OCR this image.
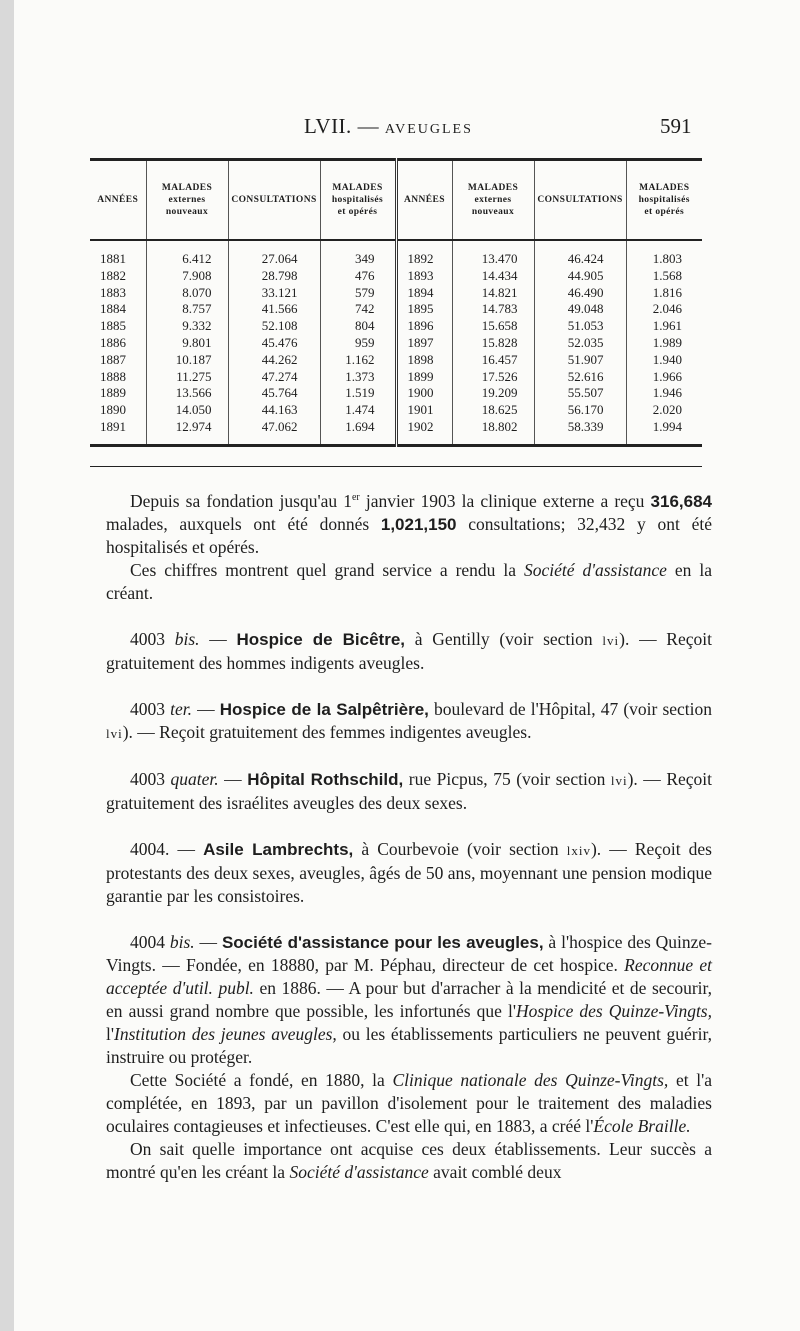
LVII. — AVEUGLES	591
ANNÉES	MALADES
externes
nouveaux	CONSULTATIONS	MALADES
hospitalisés
et opérés	ANNÉES	MALADES
externes
nouveaux	CONSULTATIONS	MALADES
hospitalisés
et opérés
1881	6.412	27.064	349	1892	13.470	46.424	1.803
1882	7.908	28.798	476	1893	14.434	44.905	1.568
1883	8.070	33.121	579	1894	14.821	46.490	1.816
1884	8.757	41.566	742	1895	14.783	49.048	2.046
1885	9.332	52.108	804	1896	15.658	51.053	1.961
1886	9.801	45.476	959	1897	15.828	52.035	1.989
1887	10.187	44.262	1.162	1898	16.457	51.907	1.940
1888	11.275	47.274	1.373	1899	17.526	52.616	1.966
1889	13.566	45.764	1.519	1900	19.209	55.507	1.946
1890	14.050	44.163	1.474	1901	18.625	56.170	2.020
1891	12.974	47.062	1.694	1902	18.802	58.339	1.994

Depuis sa fondation jusqu'au 1er janvier 1903 la clinique externe a reçu 316,684 malades, auxquels ont été donnés 1,021,150 consultations; 32,432 y ont été hospitalisés et opérés.

Ces chiffres montrent quel grand service a rendu la Société d'assistance en la créant.

4003 bis. — Hospice de Bicêtre, à Gentilly (voir section lvi). — Reçoit gratuitement des hommes indigents aveugles.

4003 ter. — Hospice de la Salpêtrière, boulevard de l'Hôpital, 47 (voir section lvi). — Reçoit gratuitement des femmes indigentes aveugles.

4003 quater. — Hôpital Rothschild, rue Picpus, 75 (voir section lvi). — Reçoit gratuitement des israélites aveugles des deux sexes.

4004. — Asile Lambrechts, à Courbevoie (voir section lxiv). — Reçoit des protestants des deux sexes, aveugles, âgés de 50 ans, moyennant une pension modique garantie par les consistoires.

4004 bis. — Société d'assistance pour les aveugles, à l'hospice des Quinze-Vingts. — Fondée, en 18880, par M. Péphau, directeur de cet hospice. Reconnue et acceptée d'util. publ. en 1886. — A pour but d'arracher à la mendicité et de secourir, en aussi grand nombre que possible, les infortunés que l'Hospice des Quinze-Vingts, l'Institution des jeunes aveugles, ou les établissements particuliers ne peuvent guérir, instruire ou protéger.

Cette Société a fondé, en 1880, la Clinique nationale des Quinze-Vingts, et l'a complétée, en 1893, par un pavillon d'isolement pour le traitement des maladies oculaires contagieuses et infectieuses. C'est elle qui, en 1883, a créé l'École Braille.

On sait quelle importance ont acquise ces deux établissements. Leur succès a montré qu'en les créant la Société d'assistance avait comblé deux
